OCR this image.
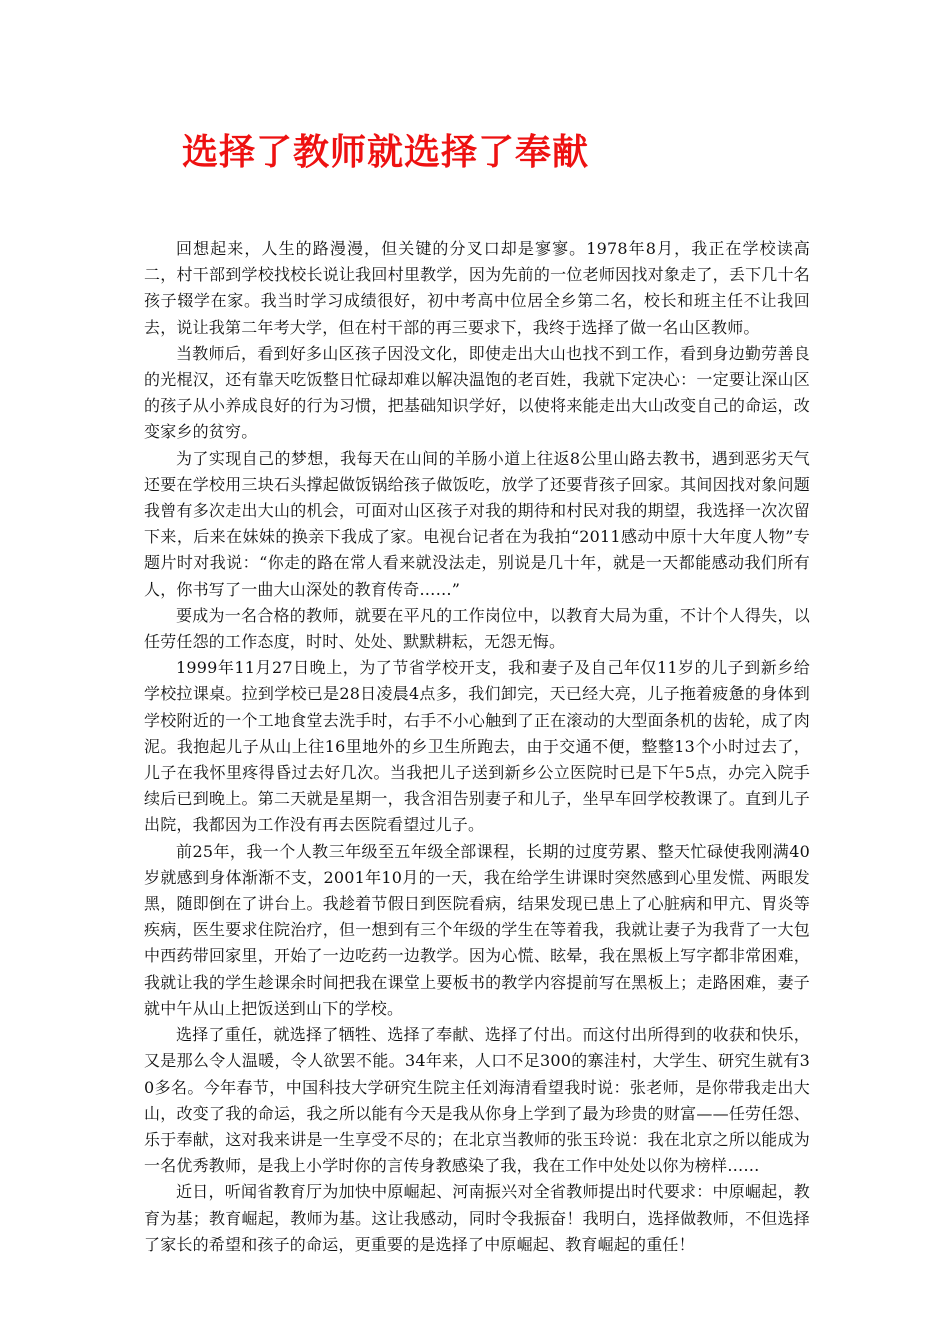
选择了教师就选择了奉献

回想起来，人生的路漫漫，但关键的分叉口却是寥寥。1978年8月，我正在学校读高二，村干部到学校找校长说让我回村里教学，因为先前的一位老师因找对象走了，丢下几十名孩子辍学在家。我当时学习成绩很好，初中考高中位居全乡第二名，校长和班主任不让我回去，说让我第二年考大学，但在村干部的再三要求下，我终于选择了做一名山区教师。

当教师后，看到好多山区孩子因没文化，即使走出大山也找不到工作，看到身边勤劳善良的光棍汉，还有靠天吃饭整日忙碌却难以解决温饱的老百姓，我就下定决心：一定要让深山区的孩子从小养成良好的行为习惯，把基础知识学好，以使将来能走出大山改变自己的命运，改变家乡的贫穷。

为了实现自己的梦想，我每天在山间的羊肠小道上往返8公里山路去教书，遇到恶劣天气还要在学校用三块石头撑起做饭锅给孩子做饭吃，放学了还要背孩子回家。其间因找对象问题我曾有多次走出大山的机会，可面对山区孩子对我的期待和村民对我的期望，我选择一次次留下来，后来在妹妹的换亲下我成了家。电视台记者在为我拍“2011感动中原十大年度人物”专题片时对我说：“你走的路在常人看来就没法走，别说是几十年，就是一天都能感动我们所有人，你书写了一曲大山深处的教育传奇……”

要成为一名合格的教师，就要在平凡的工作岗位中，以教育大局为重，不计个人得失，以任劳任怨的工作态度，时时、处处、默默耕耘，无怨无悔。

1999年11月27日晚上，为了节省学校开支，我和妻子及自己年仅11岁的儿子到新乡给学校拉课桌。拉到学校已是28日凌晨4点多，我们卸完，天已经大亮，儿子拖着疲惫的身体到学校附近的一个工地食堂去洗手时，右手不小心触到了正在滚动的大型面条机的齿轮，成了肉泥。我抱起儿子从山上往16里地外的乡卫生所跑去，由于交通不便，整整13个小时过去了，儿子在我怀里疼得昏过去好几次。当我把儿子送到新乡公立医院时已是下午5点，办完入院手续后已到晚上。第二天就是星期一，我含泪告别妻子和儿子，坐早车回学校教课了。直到儿子出院，我都因为工作没有再去医院看望过儿子。

前25年，我一个人教三年级至五年级全部课程，长期的过度劳累、整天忙碌使我刚满40岁就感到身体渐渐不支，2001年10月的一天，我在给学生讲课时突然感到心里发慌、两眼发黑，随即倒在了讲台上。我趁着节假日到医院看病，结果发现已患上了心脏病和甲亢、胃炎等疾病，医生要求住院治疗，但一想到有三个年级的学生在等着我，我就让妻子为我背了一大包中西药带回家里，开始了一边吃药一边教学。因为心慌、眩晕，我在黑板上写字都非常困难，我就让我的学生趁课余时间把我在课堂上要板书的教学内容提前写在黑板上；走路困难，妻子就中午从山上把饭送到山下的学校。

选择了重任，就选择了牺牲、选择了奉献、选择了付出。而这付出所得到的收获和快乐，又是那么令人温暖，令人欲罢不能。34年来，人口不足300的寨洼村，大学生、研究生就有30多名。今年春节，中国科技大学研究生院主任刘海清看望我时说：张老师，是你带我走出大山，改变了我的命运，我之所以能有今天是我从你身上学到了最为珍贵的财富——任劳任怨、乐于奉献，这对我来讲是一生享受不尽的；在北京当教师的张玉玲说：我在北京之所以能成为一名优秀教师，是我上小学时你的言传身教感染了我，我在工作中处处以你为榜样……

近日，听闻省教育厅为加快中原崛起、河南振兴对全省教师提出时代要求：中原崛起，教育为基；教育崛起，教师为基。这让我感动，同时令我振奋！我明白，选择做教师，不但选择了家长的希望和孩子的命运，更重要的是选择了中原崛起、教育崛起的重任！
